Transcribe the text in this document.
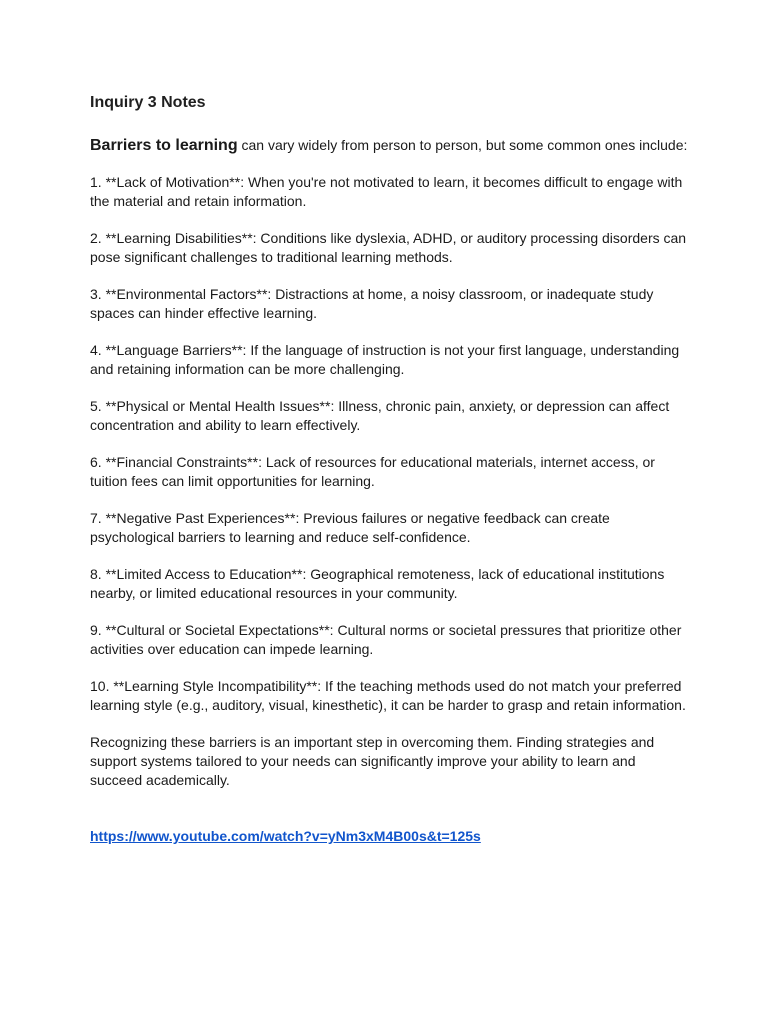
Inquiry 3 Notes

Barriers to learning can vary widely from person to person, but some common ones include:

1. **Lack of Motivation**: When you're not motivated to learn, it becomes difficult to engage with the material and retain information.

2. **Learning Disabilities**: Conditions like dyslexia, ADHD, or auditory processing disorders can pose significant challenges to traditional learning methods.

3. **Environmental Factors**: Distractions at home, a noisy classroom, or inadequate study spaces can hinder effective learning.

4. **Language Barriers**: If the language of instruction is not your first language, understanding and retaining information can be more challenging.

5. **Physical or Mental Health Issues**: Illness, chronic pain, anxiety, or depression can affect concentration and ability to learn effectively.

6. **Financial Constraints**: Lack of resources for educational materials, internet access, or tuition fees can limit opportunities for learning.

7. **Negative Past Experiences**: Previous failures or negative feedback can create psychological barriers to learning and reduce self-confidence.

8. **Limited Access to Education**: Geographical remoteness, lack of educational institutions nearby, or limited educational resources in your community.

9. **Cultural or Societal Expectations**: Cultural norms or societal pressures that prioritize other activities over education can impede learning.

10. **Learning Style Incompatibility**: If the teaching methods used do not match your preferred learning style (e.g., auditory, visual, kinesthetic), it can be harder to grasp and retain information.

Recognizing these barriers is an important step in overcoming them. Finding strategies and support systems tailored to your needs can significantly improve your ability to learn and succeed academically.

https://www.youtube.com/watch?v=yNm3xM4B00s&t=125s
